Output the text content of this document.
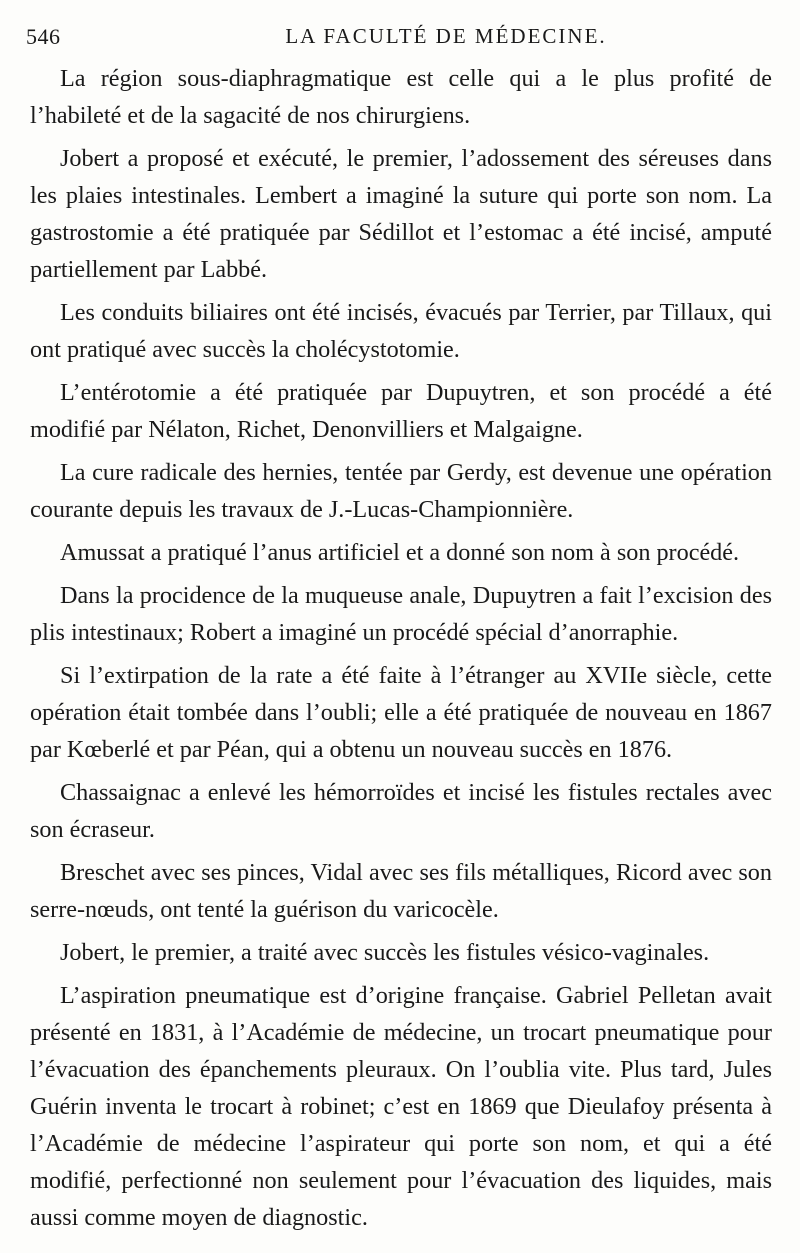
546	LA FACULTÉ DE MÉDECINE.

La région sous-diaphragmatique est celle qui a le plus profité de l’habileté et de la sagacité de nos chirurgiens.

Jobert a proposé et exécuté, le premier, l’adossement des séreuses dans les plaies intestinales. Lembert a imaginé la suture qui porte son nom. La gastrostomie a été pratiquée par Sédillot et l’estomac a été incisé, amputé partiellement par Labbé.

Les conduits biliaires ont été incisés, évacués par Terrier, par Tillaux, qui ont pratiqué avec succès la cholécystotomie.

L’entérotomie a été pratiquée par Dupuytren, et son procédé a été modifié par Nélaton, Richet, Denonvilliers et Malgaigne.

La cure radicale des hernies, tentée par Gerdy, est devenue une opération courante depuis les travaux de J.-Lucas-Championnière.

Amussat a pratiqué l’anus artificiel et a donné son nom à son procédé.

Dans la procidence de la muqueuse anale, Dupuytren a fait l’excision des plis intestinaux; Robert a imaginé un procédé spécial d’anorraphie.

Si l’extirpation de la rate a été faite à l’étranger au XVIIe siècle, cette opération était tombée dans l’oubli; elle a été pratiquée de nouveau en 1867 par Kœberlé et par Péan, qui a obtenu un nouveau succès en 1876.

Chassaignac a enlevé les hémorroïdes et incisé les fistules rectales avec son écraseur.

Breschet avec ses pinces, Vidal avec ses fils métalliques, Ricord avec son serre-nœuds, ont tenté la guérison du varicocèle.

Jobert, le premier, a traité avec succès les fistules vésico-vaginales.

L’aspiration pneumatique est d’origine française. Gabriel Pelletan avait présenté en 1831, à l’Académie de médecine, un trocart pneumatique pour l’évacuation des épanchements pleuraux. On l’oublia vite. Plus tard, Jules Guérin inventa le trocart à robinet; c’est en 1869 que Dieulafoy présenta à l’Académie de médecine l’aspirateur qui porte son nom, et qui a été modifié, perfectionné non seulement pour l’évacuation des liquides, mais aussi comme moyen de diagnostic.
